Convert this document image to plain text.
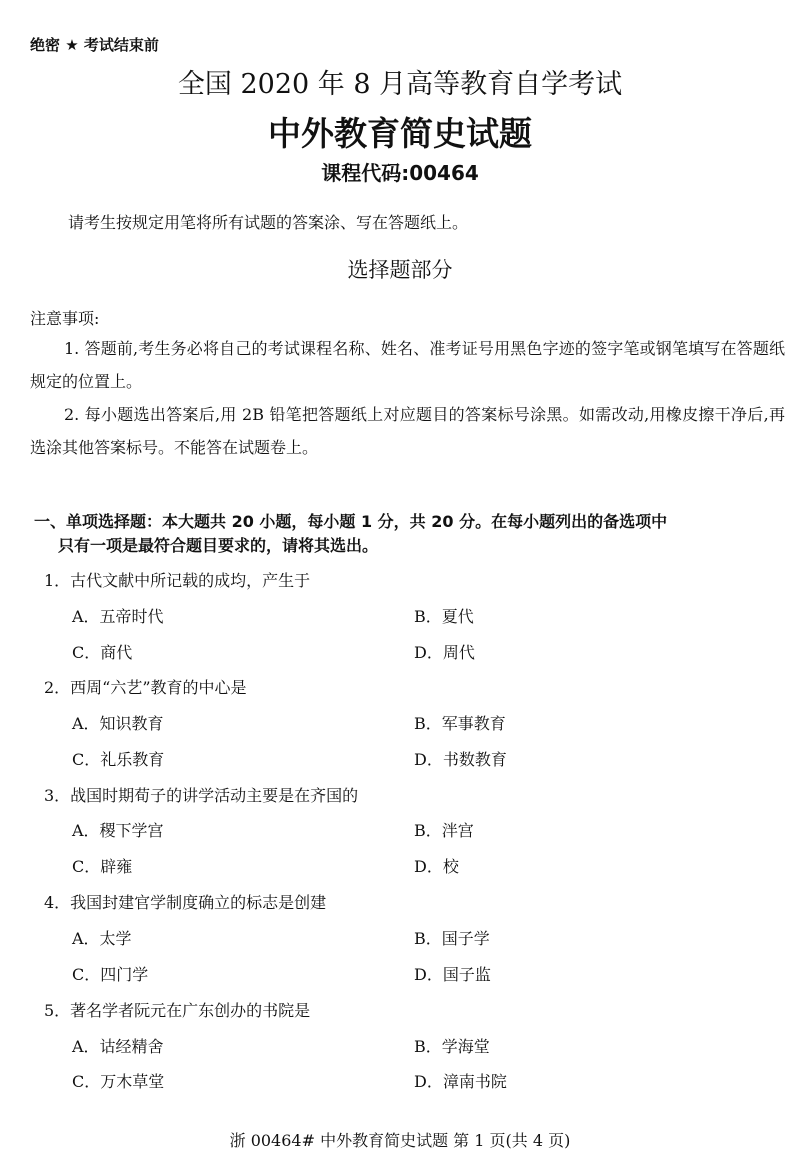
绝密 ★ 考试结束前
全国 2020 年 8 月高等教育自学考试
中外教育简史试题
课程代码:00464
请考生按规定用笔将所有试题的答案涂、写在答题纸上。
选择题部分
注意事项:
1. 答题前,考生务必将自己的考试课程名称、姓名、准考证号用黑色字迹的签字笔或钢笔填写在答题纸规定的位置上。
2. 每小题选出答案后,用 2B 铅笔把答题纸上对应题目的答案标号涂黑。如需改动,用橡皮擦干净后,再选涂其他答案标号。不能答在试题卷上。
一、单项选择题：本大题共 20 小题，每小题 1 分，共 20 分。在每小题列出的备选项中
只有一项是最符合题目要求的，请将其选出。
1．古代文献中所记载的成均，产生于
A．五帝时代	B．夏代
C．商代	D．周代
2．西周“六艺”教育的中心是
A．知识教育	B．军事教育
C．礼乐教育	D．书数教育
3．战国时期荀子的讲学活动主要是在齐国的
A．稷下学宫	B．泮宫
C．辟雍	D．校
4．我国封建官学制度确立的标志是创建
A．太学	B．国子学
C．四门学	D．国子监
5．著名学者阮元在广东创办的书院是
A．诂经精舍	B．学海堂
C．万木草堂	D．漳南书院
浙 00464# 中外教育简史试题 第 1 页(共 4 页)
